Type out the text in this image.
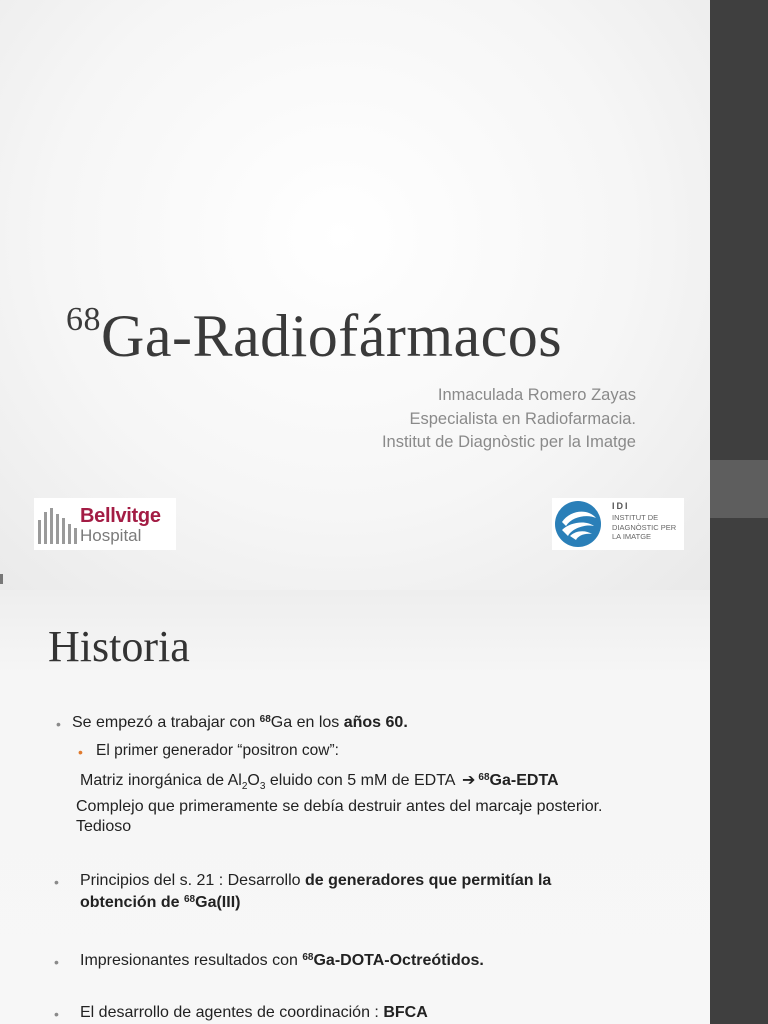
$^{68}$Ga-Radiofármacos
Inmaculada Romero Zayas
Especialista en Radiofarmacia.
Institut de Diagnòstic per la Imatge
Bellvitge
Hospital
IDI
INSTITUT DE
DIAGNÒSTIC PER
LA IMATGE
Historia
• Se empezó a trabajar con $^{68}$Ga en los años 60.
• El primer generador “positron cow”:
Matriz inorgánica de $Al_2O_3$ eluido con 5 mM de EDTA ➔ $^{68}$Ga-EDTA
Complejo que primeramente se debía destruir antes del marcaje posterior.
Tedioso
• Principios del s. 21 : Desarrollo de generadores que permitían la
obtención de $^{68}$Ga(III)
• Impresionantes resultados con $^{68}$Ga-DOTA-Octreótidos.
• El desarrollo de agentes de coordinación : BFCA
